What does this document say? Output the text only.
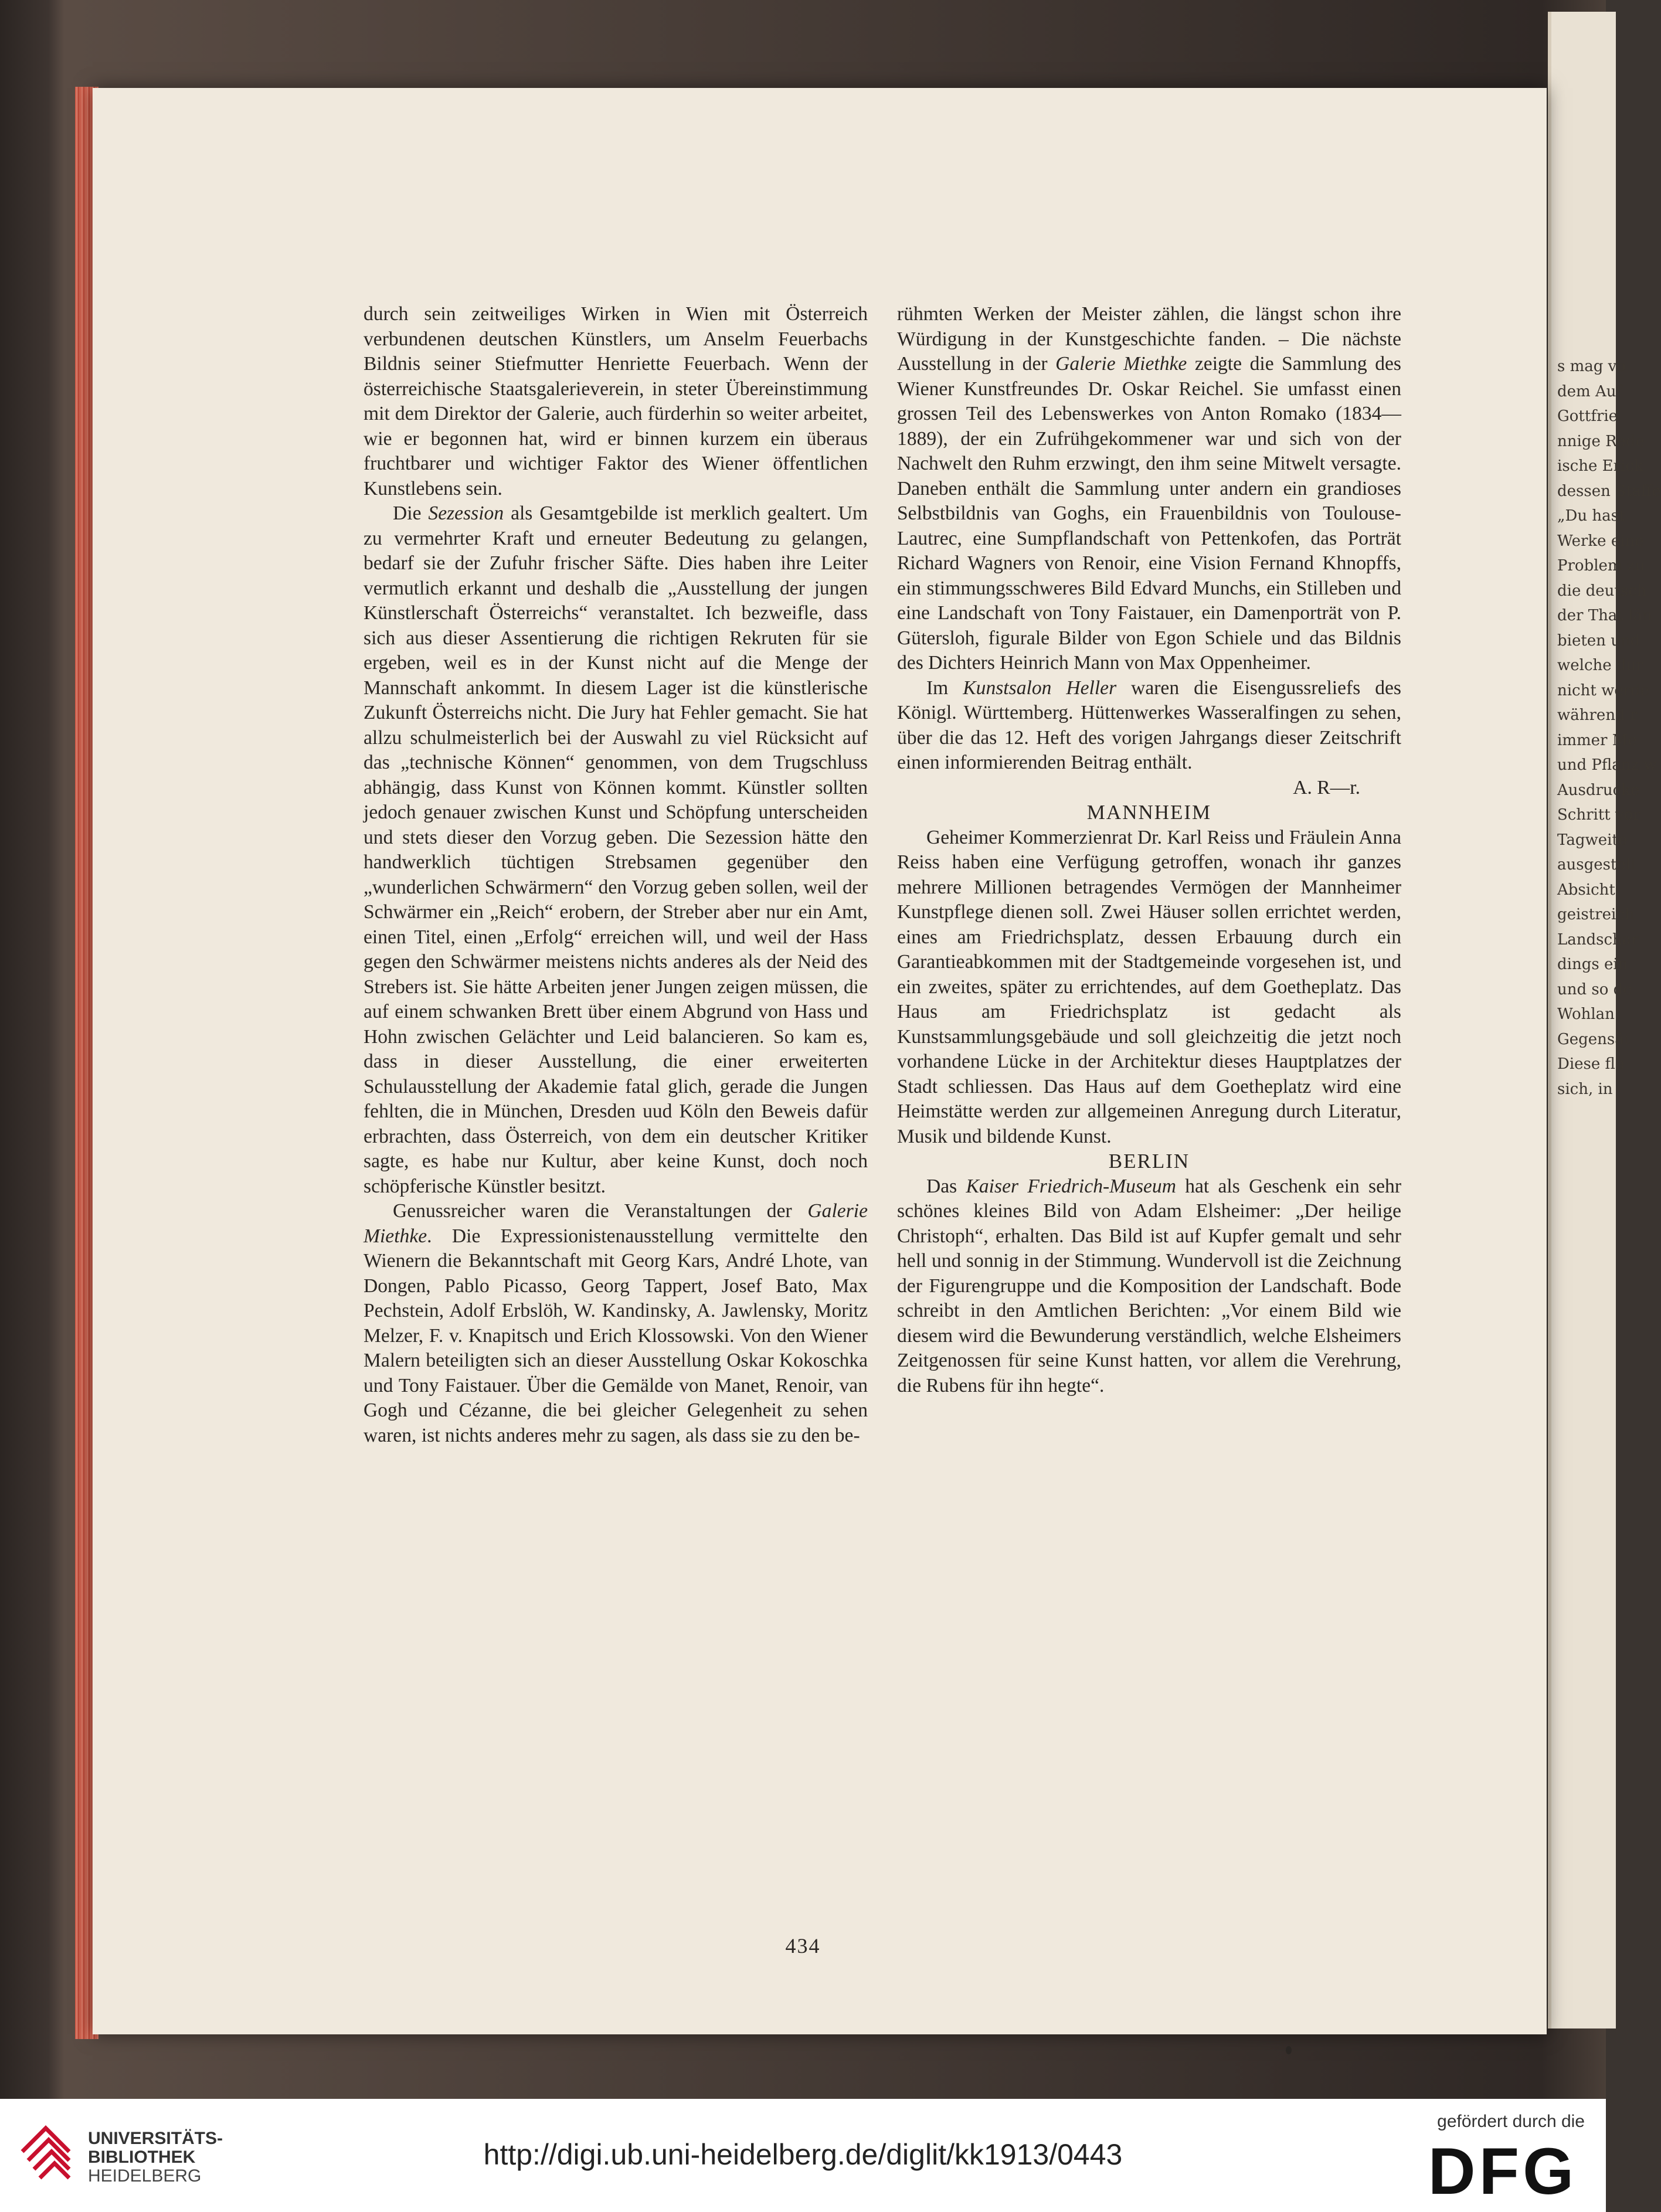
s mag vo
dem Auf
Gottfrie
nnige Rede
ische Erick
dessen Staffe
„Du hast
Werke eine
Problem zu
die deutsch
der That län
bieten und
welche dur
nicht werde
während r
immer Me
und Pflanz w
Ausdrucke
Schritt vor
Tagweite
ausgestell
Absicht.
geistreich
Landschar
dings ein
und so de
Wohlan!
Gegensät
Diese fle
sich, in

durch sein zeitweiliges Wirken in Wien mit Österreich verbundenen deutschen Künstlers, um Anselm Feuerbachs Bildnis seiner Stiefmutter Henriette Feuerbach. Wenn der österreichische Staatsgalerieverein, in steter Übereinstimmung mit dem Direktor der Galerie, auch fürderhin so weiter arbeitet, wie er begonnen hat, wird er binnen kurzem ein überaus fruchtbarer und wichtiger Faktor des Wiener öffentlichen Kunstlebens sein.

Die Sezession als Gesamtgebilde ist merklich gealtert. Um zu vermehrter Kraft und erneuter Bedeutung zu gelangen, bedarf sie der Zufuhr frischer Säfte. Dies haben ihre Leiter vermutlich erkannt und deshalb die „Ausstellung der jungen Künstlerschaft Österreichs“ veranstaltet. Ich bezweifle, dass sich aus dieser Assentierung die richtigen Rekruten für sie ergeben, weil es in der Kunst nicht auf die Menge der Mannschaft ankommt. In diesem Lager ist die künstlerische Zukunft Österreichs nicht. Die Jury hat Fehler gemacht. Sie hat allzu schulmeisterlich bei der Auswahl zu viel Rücksicht auf das „technische Können“ genommen, von dem Trugschluss abhängig, dass Kunst von Können kommt. Künstler sollten jedoch genauer zwischen Kunst und Schöpfung unterscheiden und stets dieser den Vorzug geben. Die Sezession hätte den handwerklich tüchtigen Strebsamen gegenüber den „wunderlichen Schwärmern“ den Vorzug geben sollen, weil der Schwärmer ein „Reich“ erobern, der Streber aber nur ein Amt, einen Titel, einen „Erfolg“ erreichen will, und weil der Hass gegen den Schwärmer meistens nichts anderes als der Neid des Strebers ist. Sie hätte Arbeiten jener Jungen zeigen müssen, die auf einem schwanken Brett über einem Abgrund von Hass und Hohn zwischen Gelächter und Leid balancieren. So kam es, dass in dieser Ausstellung, die einer erweiterten Schulausstellung der Akademie fatal glich, gerade die Jungen fehlten, die in München, Dresden uud Köln den Beweis dafür erbrachten, dass Österreich, von dem ein deutscher Kritiker sagte, es habe nur Kultur, aber keine Kunst, doch noch schöpferische Künstler besitzt.

Genussreicher waren die Veranstaltungen der Galerie Miethke. Die Expressionistenausstellung vermittelte den Wienern die Bekanntschaft mit Georg Kars, André Lhote, van Dongen, Pablo Picasso, Georg Tappert, Josef Bato, Max Pechstein, Adolf Erbslöh, W. Kandinsky, A. Jawlensky, Moritz Melzer, F. v. Knapitsch und Erich Klossowski. Von den Wiener Malern beteiligten sich an dieser Ausstellung Oskar Kokoschka und Tony Faistauer. Über die Gemälde von Manet, Renoir, van Gogh und Cézanne, die bei gleicher Gelegenheit zu sehen waren, ist nichts anderes mehr zu sagen, als dass sie zu den be-

rühmten Werken der Meister zählen, die längst schon ihre Würdigung in der Kunstgeschichte fanden. – Die nächste Ausstellung in der Galerie Miethke zeigte die Sammlung des Wiener Kunstfreundes Dr. Oskar Reichel. Sie umfasst einen grossen Teil des Lebenswerkes von Anton Romako (1834—1889), der ein Zufrühgekommener war und sich von der Nachwelt den Ruhm erzwingt, den ihm seine Mitwelt versagte. Daneben enthält die Sammlung unter andern ein grandioses Selbstbildnis van Goghs, ein Frauenbildnis von Toulouse-Lautrec, eine Sumpflandschaft von Pettenkofen, das Porträt Richard Wagners von Renoir, eine Vision Fernand Khnopffs, ein stimmungsschweres Bild Edvard Munchs, ein Stilleben und eine Landschaft von Tony Faistauer, ein Damenporträt von P. Gütersloh, figurale Bilder von Egon Schiele und das Bildnis des Dichters Heinrich Mann von Max Oppenheimer.

Im Kunstsalon Heller waren die Eisengussreliefs des Königl. Württemberg. Hüttenwerkes Wasseralfingen zu sehen, über die das 12. Heft des vorigen Jahrgangs dieser Zeitschrift einen informierenden Beitrag enthält.

A. R—r.

MANNHEIM

Geheimer Kommerzienrat Dr. Karl Reiss und Fräulein Anna Reiss haben eine Verfügung getroffen, wonach ihr ganzes mehrere Millionen betragendes Vermögen der Mannheimer Kunstpflege dienen soll. Zwei Häuser sollen errichtet werden, eines am Friedrichsplatz, dessen Erbauung durch ein Garantieabkommen mit der Stadtgemeinde vorgesehen ist, und ein zweites, später zu errichtendes, auf dem Goetheplatz. Das Haus am Friedrichsplatz ist gedacht als Kunstsammlungsgebäude und soll gleichzeitig die jetzt noch vorhandene Lücke in der Architektur dieses Hauptplatzes der Stadt schliessen. Das Haus auf dem Goetheplatz wird eine Heimstätte werden zur allgemeinen Anregung durch Literatur, Musik und bildende Kunst.

BERLIN

Das Kaiser Friedrich-Museum hat als Geschenk ein sehr schönes kleines Bild von Adam Elsheimer: „Der heilige Christoph“, erhalten. Das Bild ist auf Kupfer gemalt und sehr hell und sonnig in der Stimmung. Wundervoll ist die Zeichnung der Figurengruppe und die Komposition der Landschaft. Bode schreibt in den Amtlichen Berichten: „Vor einem Bild wie diesem wird die Bewunderung verständlich, welche Elsheimers Zeitgenossen für seine Kunst hatten, vor allem die Verehrung, die Rubens für ihn hegte“.

434
UNIVERSITÄTS-
BIBLIOTHEK
HEIDELBERG
http://digi.ub.uni-heidelberg.de/diglit/kk1913/0443
gefördert durch die
DFG
